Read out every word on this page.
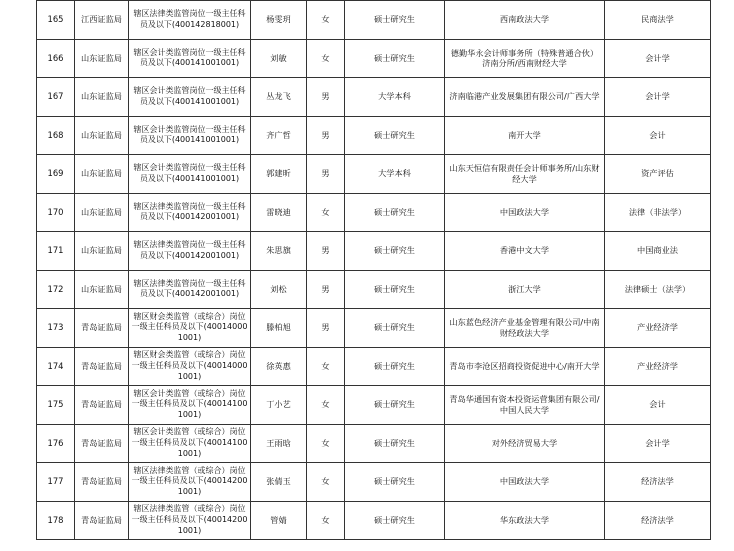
165	江西证监局	辖区法律类监管岗位一级主任科员及以下(400142818001)	杨雯玥	女	硕士研究生	西南政法大学	民商法学
166	山东证监局	辖区会计类监管岗位一级主任科员及以下(400141001001)	刘敏	女	硕士研究生	德勤华永会计师事务所（特殊普通合伙）济南分所/西南财经大学	会计学
167	山东证监局	辖区会计类监管岗位一级主任科员及以下(400141001001)	丛龙飞	男	大学本科	济南临港产业发展集团有限公司/广西大学	会计学
168	山东证监局	辖区会计类监管岗位一级主任科员及以下(400141001001)	齐广哲	男	硕士研究生	南开大学	会计
169	山东证监局	辖区会计类监管岗位一级主任科员及以下(400141001001)	郭建昕	男	大学本科	山东天恒信有限责任会计师事务所/山东财经大学	资产评估
170	山东证监局	辖区法律类监管岗位一级主任科员及以下(400142001001)	雷晓迪	女	硕士研究生	中国政法大学	法律（非法学）
171	山东证监局	辖区法律类监管岗位一级主任科员及以下(400142001001)	朱思旗	男	硕士研究生	香港中文大学	中国商业法
172	山东证监局	辖区法律类监管岗位一级主任科员及以下(400142001001)	刘松	男	硕士研究生	浙江大学	法律硕士（法学）
173	青岛证监局	辖区财会类监管（或综合）岗位一级主任科员及以下(400140001001)	滕柏旭	男	硕士研究生	山东蓝色经济产业基金管理有限公司/中南财经政法大学	产业经济学
174	青岛证监局	辖区财会类监管（或综合）岗位一级主任科员及以下(400140001001)	徐英惠	女	硕士研究生	青岛市李沧区招商投资促进中心/南开大学	产业经济学
175	青岛证监局	辖区会计类监管（或综合）岗位一级主任科员及以下(400141001001)	丁小艺	女	硕士研究生	青岛华通国有资本投资运营集团有限公司/中国人民大学	会计
176	青岛证监局	辖区会计类监管（或综合）岗位一级主任科员及以下(400141001001)	王雨晗	女	硕士研究生	对外经济贸易大学	会计学
177	青岛证监局	辖区法律类监管（或综合）岗位一级主任科员及以下(400142001001)	张倩玉	女	硕士研究生	中国政法大学	经济法学
178	青岛证监局	辖区法律类监管（或综合）岗位一级主任科员及以下(400142001001)	管婧	女	硕士研究生	华东政法大学	经济法学
